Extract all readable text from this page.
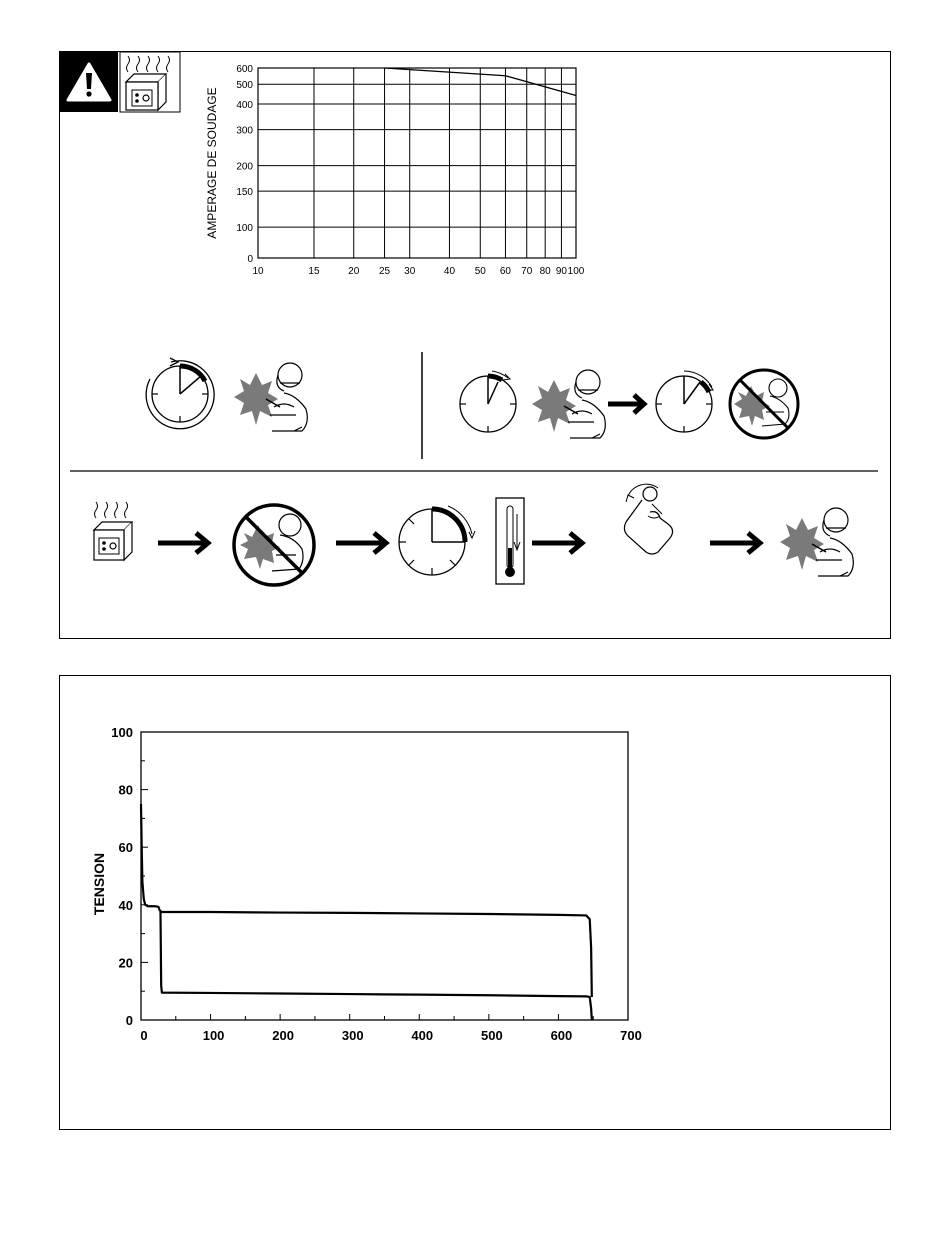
600
500
400
300
200
150
100
0
10	15	20 25 30	40 50 60 70 80 90 100
AMPERAGE DE SOUDAGE
100
80
60
40
20
0
0	100	200	300	400	500	600	700
TENSION
